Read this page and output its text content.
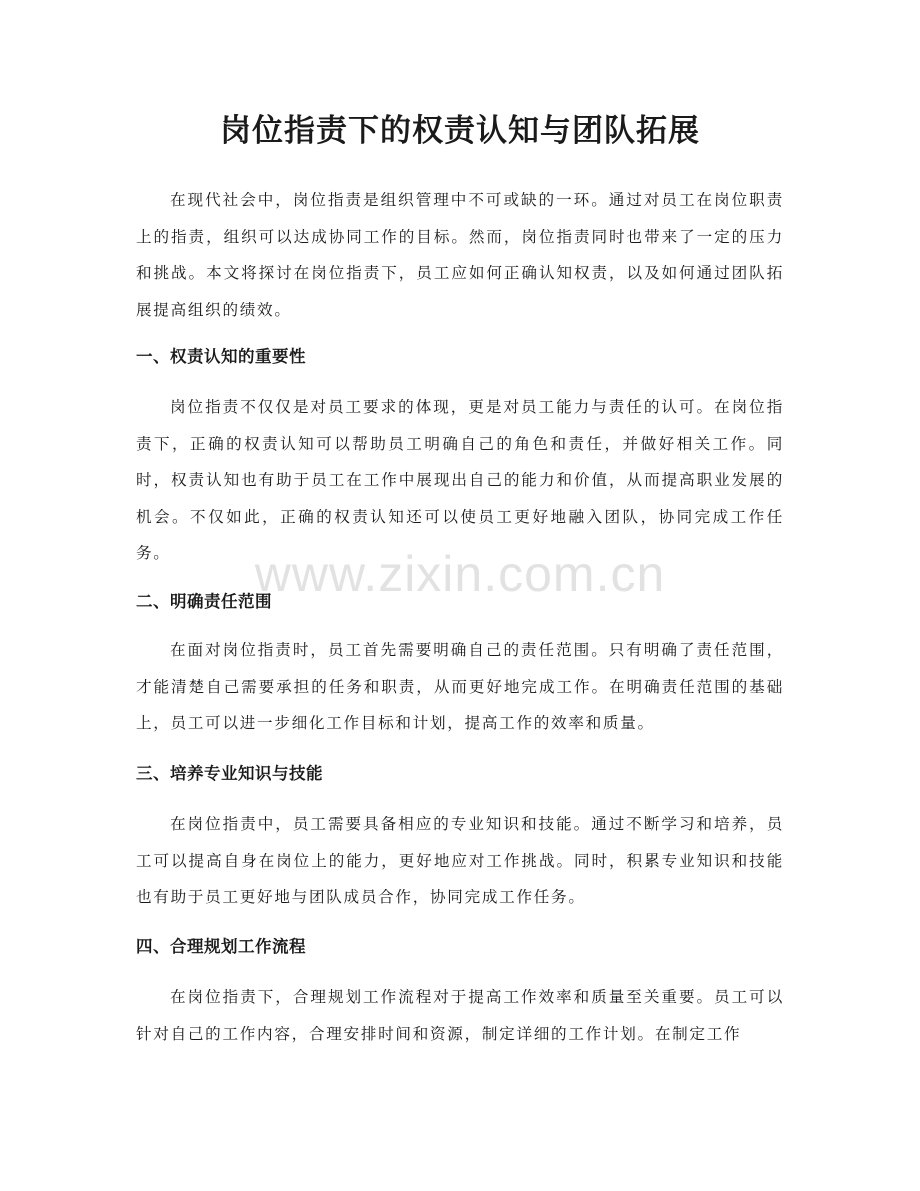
岗位指责下的权责认知与团队拓展

在现代社会中，岗位指责是组织管理中不可或缺的一环。通过对员工在岗位职责上的指责，组织可以达成协同工作的目标。然而，岗位指责同时也带来了一定的压力和挑战。本文将探讨在岗位指责下，员工应如何正确认知权责，以及如何通过团队拓展提高组织的绩效。

一、权责认知的重要性

岗位指责不仅仅是对员工要求的体现，更是对员工能力与责任的认可。在岗位指责下，正确的权责认知可以帮助员工明确自己的角色和责任，并做好相关工作。同时，权责认知也有助于员工在工作中展现出自己的能力和价值，从而提高职业发展的机会。不仅如此，正确的权责认知还可以使员工更好地融入团队，协同完成工作任务。

二、明确责任范围

在面对岗位指责时，员工首先需要明确自己的责任范围。只有明确了责任范围，才能清楚自己需要承担的任务和职责，从而更好地完成工作。在明确责任范围的基础上，员工可以进一步细化工作目标和计划，提高工作的效率和质量。

三、培养专业知识与技能

在岗位指责中，员工需要具备相应的专业知识和技能。通过不断学习和培养，员工可以提高自身在岗位上的能力，更好地应对工作挑战。同时，积累专业知识和技能也有助于员工更好地与团队成员合作，协同完成工作任务。

四、合理规划工作流程

在岗位指责下，合理规划工作流程对于提高工作效率和质量至关重要。员工可以针对自己的工作内容，合理安排时间和资源，制定详细的工作计划。在制定工作

www.zixin.com.cn
